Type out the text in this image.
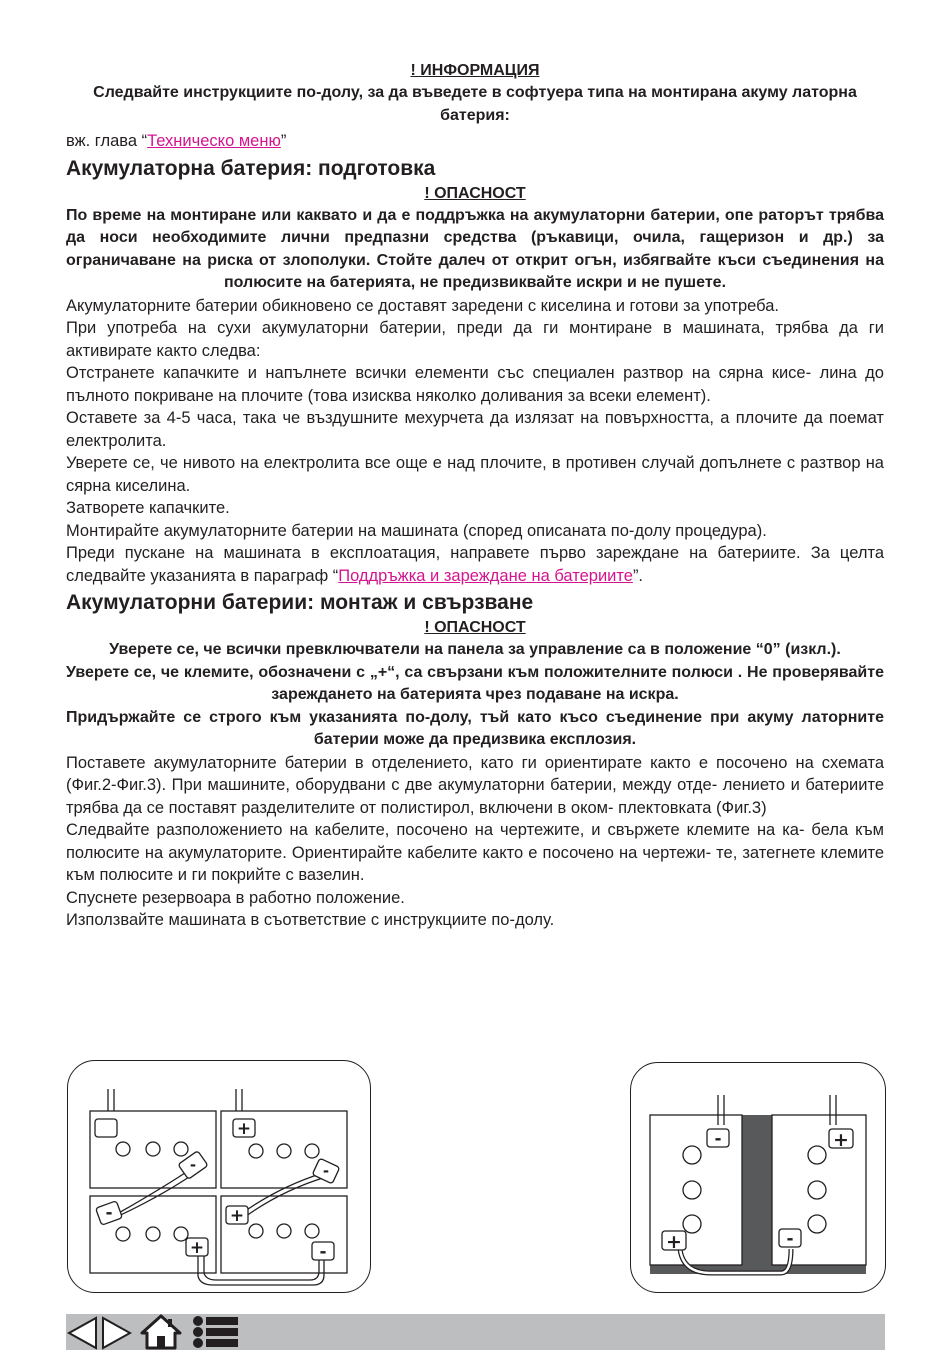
! ИНФОРМАЦИЯ
Следвайте инструкциите по-долу, за да въведете в софтуера типа на монтирана акуму латорна батерия:
вж. глава “Техническо меню”
Акумулаторна батерия: подготовка
! ОПАСНОСТ
По време на монтиране или каквато и да е поддръжка на акумулаторни батерии, опе раторът трябва да носи необходимите лични предпазни средства (ръкавици, очила, гащеризон и др.) за ограничаване на риска от злополуки. Стойте далеч от открит огън, избягвайте къси съединения на полюсите на батерията, не предизвиквайте искри и не пушете.
Акумулаторните батерии обикновено се доставят заредени с киселина и готови за употреба.
При употреба на сухи акумулаторни батерии, преди да ги монтиране в машината, трябва да ги активирате както следва:
Отстранете капачките и напълнете всички елементи със специален разтвор на сярна кисе- лина до пълното покриване на плочите (това изисква няколко доливания за всеки елемент).
Оставете за 4-5 часа, така че въздушните мехурчета да излязат на повърхността, а плочите да поемат електролита.
Уверете се, че нивото на електролита все още е над плочите, в противен случай допълнете с разтвор на сярна киселина.
Затворете капачките.
Монтирайте акумулаторните батерии на машината (според описаната по-долу процедура).
Преди пускане на машината в експлоатация, направете първо зареждане на батериите. За целта следвайте указанията в параграф “Поддръжка и зареждане на батериите”.
Акумулаторни батерии: монтаж и свързване
! ОПАСНОСТ
Уверете се, че всички превключватели на панела за управление са в положение “0” (изкл.).
Уверете се, че клемите, обозначени с „+“, са свързани към положителните полюси . Не проверявайте зареждането на батерията чрез подаване на искра.
Придържайте се строго към указанията по-долу, тъй като късо съединение при акуму латорните батерии може да предизвика експлозия.
Поставете акумулаторните батерии в отделението, като ги ориентирате както е посочено на схемата (Фиг.2-Фиг.3). При машините, оборудвани с две акумулаторни батерии, между отде- лението и батериите трябва да се поставят разделителите от полистирол, включени в оком- плектовката (Фиг.3)
Следвайте разположението на кабелите, посочено на чертежите, и свържете клемите на ка- бела към полюсите на акумулаторите. Ориентирайте кабелите както е посочено на чертежи- те, затегнете клемите към полюсите и ги покрийте с вазелин.
Спуснете резервоара в работно положение.
Използвайте машината в съответствие с инструкциите по-долу.
+
-
-	-
+
+	-
-	+
+	-
